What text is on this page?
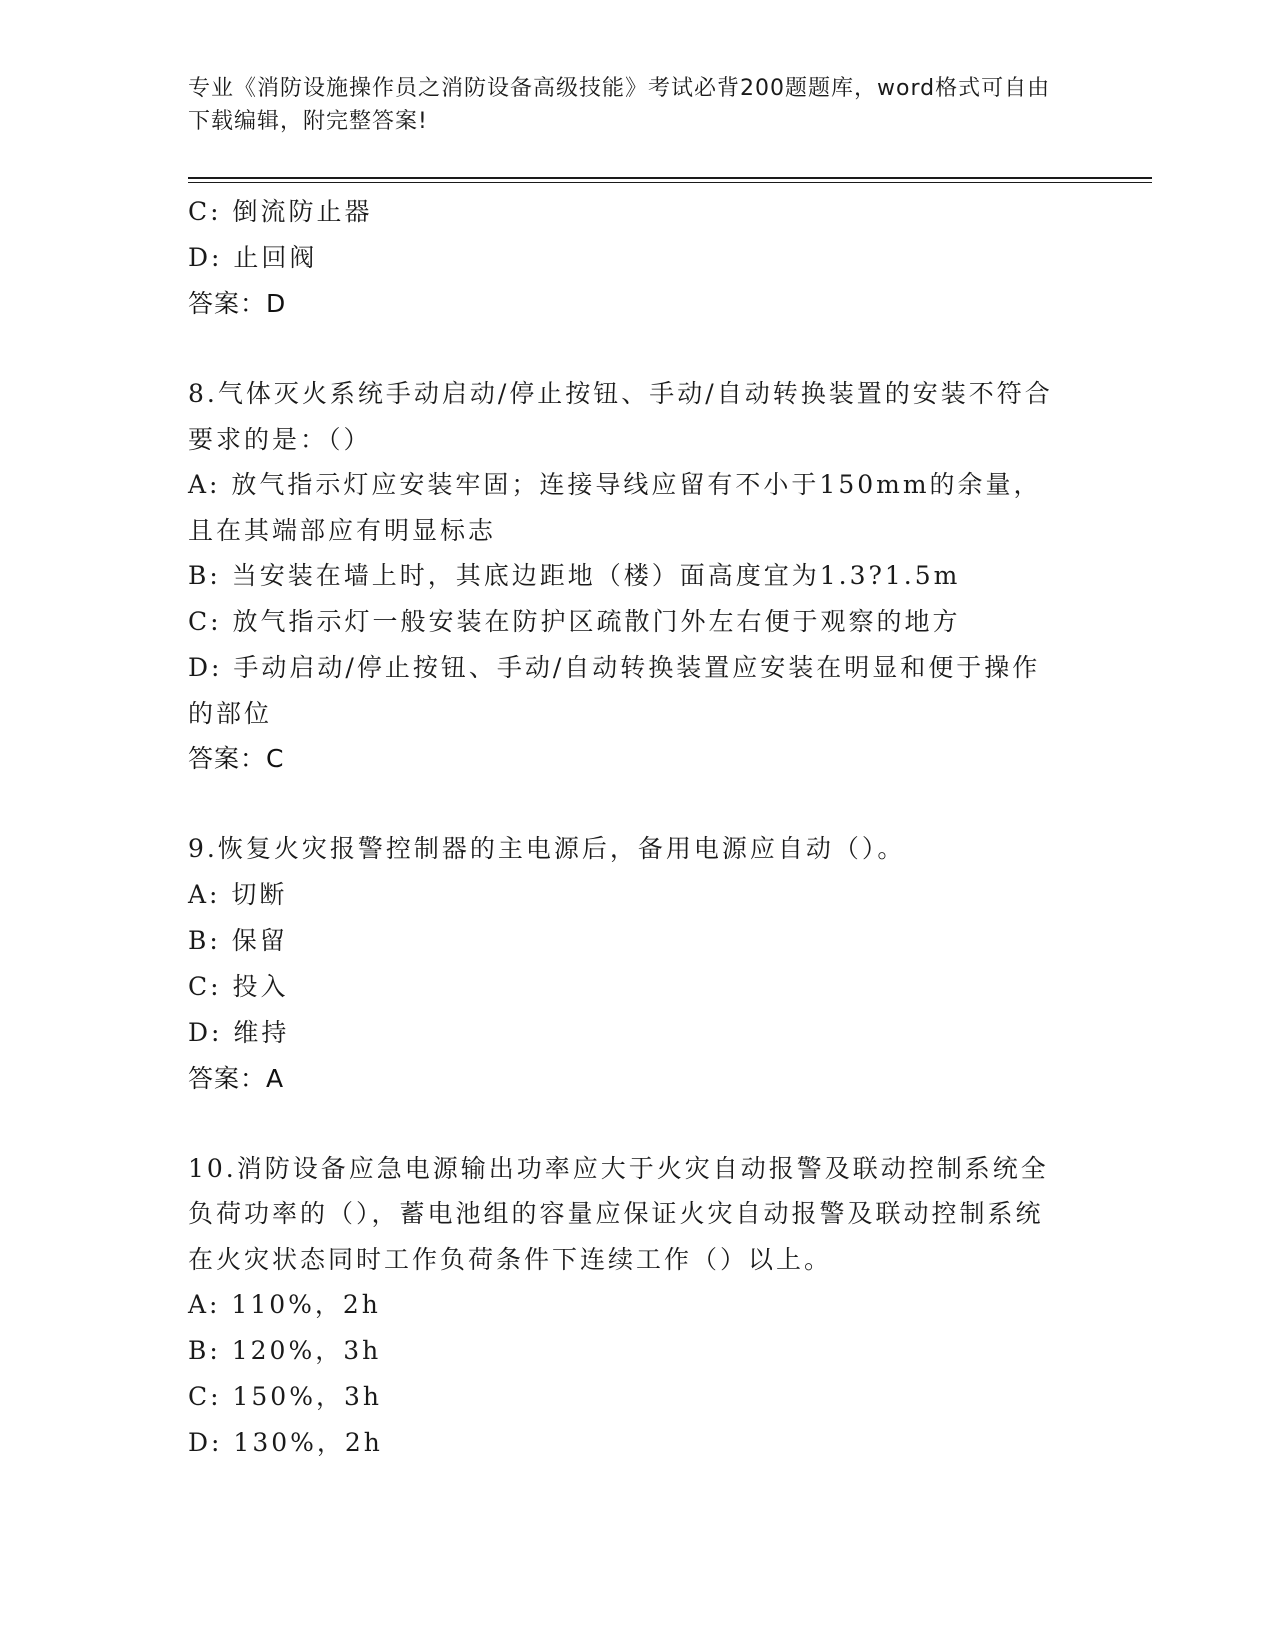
专业《消防设施操作员之消防设备高级技能》考试必背200题题库，word格式可自由下载编辑，附完整答案!
C: 倒流防止器
D: 止回阀
答案：D
8.气体灭火系统手动启动/停止按钮、手动/自动转换装置的安装不符合要求的是：（）
A: 放气指示灯应安装牢固；连接导线应留有不小于150mm的余量，且在其端部应有明显标志
B: 当安装在墙上时，其底边距地（楼）面高度宜为1.3?1.5m
C: 放气指示灯一般安装在防护区疏散门外左右便于观察的地方
D: 手动启动/停止按钮、手动/自动转换装置应安装在明显和便于操作的部位
答案：C
9.恢复火灾报警控制器的主电源后，备用电源应自动（）。
A: 切断
B: 保留
C: 投入
D: 维持
答案：A
10.消防设备应急电源输出功率应大于火灾自动报警及联动控制系统全负荷功率的（），蓄电池组的容量应保证火灾自动报警及联动控制系统在火灾状态同时工作负荷条件下连续工作（）以上。
A: 110%，2h
B: 120%，3h
C: 150%，3h
D: 130%，2h
